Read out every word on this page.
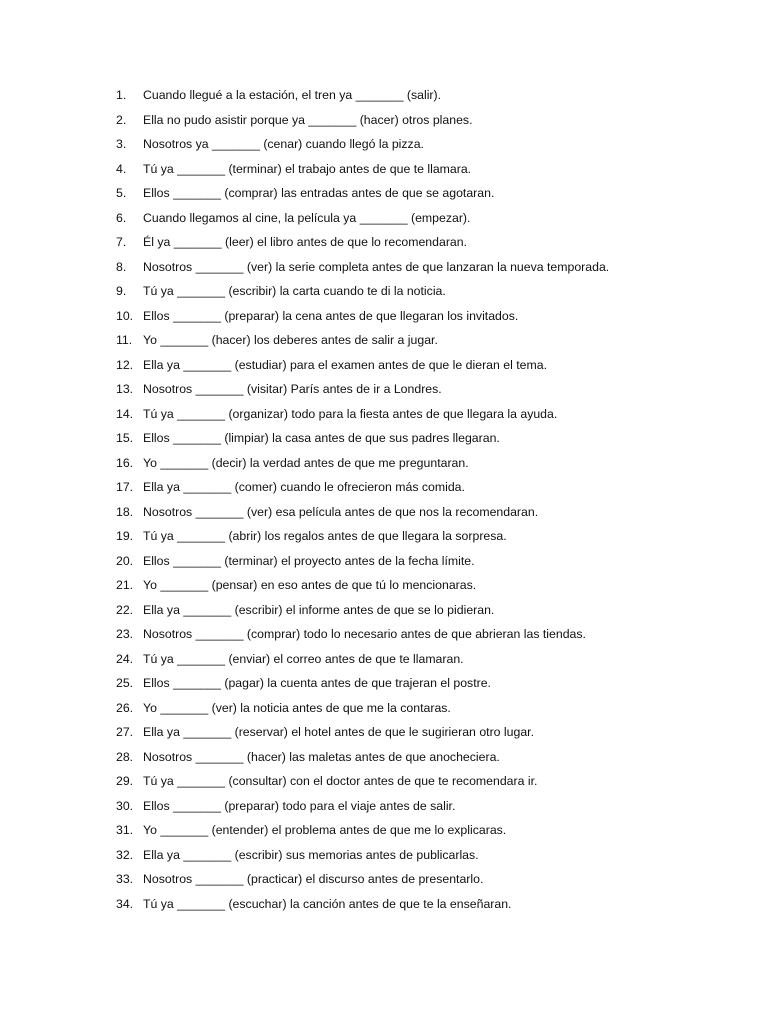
1.	Cuando llegué a la estación, el tren ya _______ (salir).
2.	Ella no pudo asistir porque ya _______ (hacer) otros planes.
3.	Nosotros ya _______ (cenar) cuando llegó la pizza.
4.	Tú ya _______ (terminar) el trabajo antes de que te llamara.
5.	Ellos _______ (comprar) las entradas antes de que se agotaran.
6.	Cuando llegamos al cine, la película ya _______ (empezar).
7.	Él ya _______ (leer) el libro antes de que lo recomendaran.
8.	Nosotros _______ (ver) la serie completa antes de que lanzaran la nueva temporada.
9.	Tú ya _______ (escribir) la carta cuando te di la noticia.
10. Ellos _______ (preparar) la cena antes de que llegaran los invitados.
11. Yo _______ (hacer) los deberes antes de salir a jugar.
12. Ella ya _______ (estudiar) para el examen antes de que le dieran el tema.
13. Nosotros _______ (visitar) París antes de ir a Londres.
14. Tú ya _______ (organizar) todo para la fiesta antes de que llegara la ayuda.
15. Ellos _______ (limpiar) la casa antes de que sus padres llegaran.
16. Yo _______ (decir) la verdad antes de que me preguntaran.
17. Ella ya _______ (comer) cuando le ofrecieron más comida.
18. Nosotros _______ (ver) esa película antes de que nos la recomendaran.
19. Tú ya _______ (abrir) los regalos antes de que llegara la sorpresa.
20. Ellos _______ (terminar) el proyecto antes de la fecha límite.
21. Yo _______ (pensar) en eso antes de que tú lo mencionaras.
22. Ella ya _______ (escribir) el informe antes de que se lo pidieran.
23. Nosotros _______ (comprar) todo lo necesario antes de que abrieran las tiendas.
24. Tú ya _______ (enviar) el correo antes de que te llamaran.
25. Ellos _______ (pagar) la cuenta antes de que trajeran el postre.
26. Yo _______ (ver) la noticia antes de que me la contaras.
27. Ella ya _______ (reservar) el hotel antes de que le sugirieran otro lugar.
28. Nosotros _______ (hacer) las maletas antes de que anocheciera.
29. Tú ya _______ (consultar) con el doctor antes de que te recomendara ir.
30. Ellos _______ (preparar) todo para el viaje antes de salir.
31. Yo _______ (entender) el problema antes de que me lo explicaras.
32. Ella ya _______ (escribir) sus memorias antes de publicarlas.
33. Nosotros _______ (practicar) el discurso antes de presentarlo.
34. Tú ya _______ (escuchar) la canción antes de que te la enseñaran.
